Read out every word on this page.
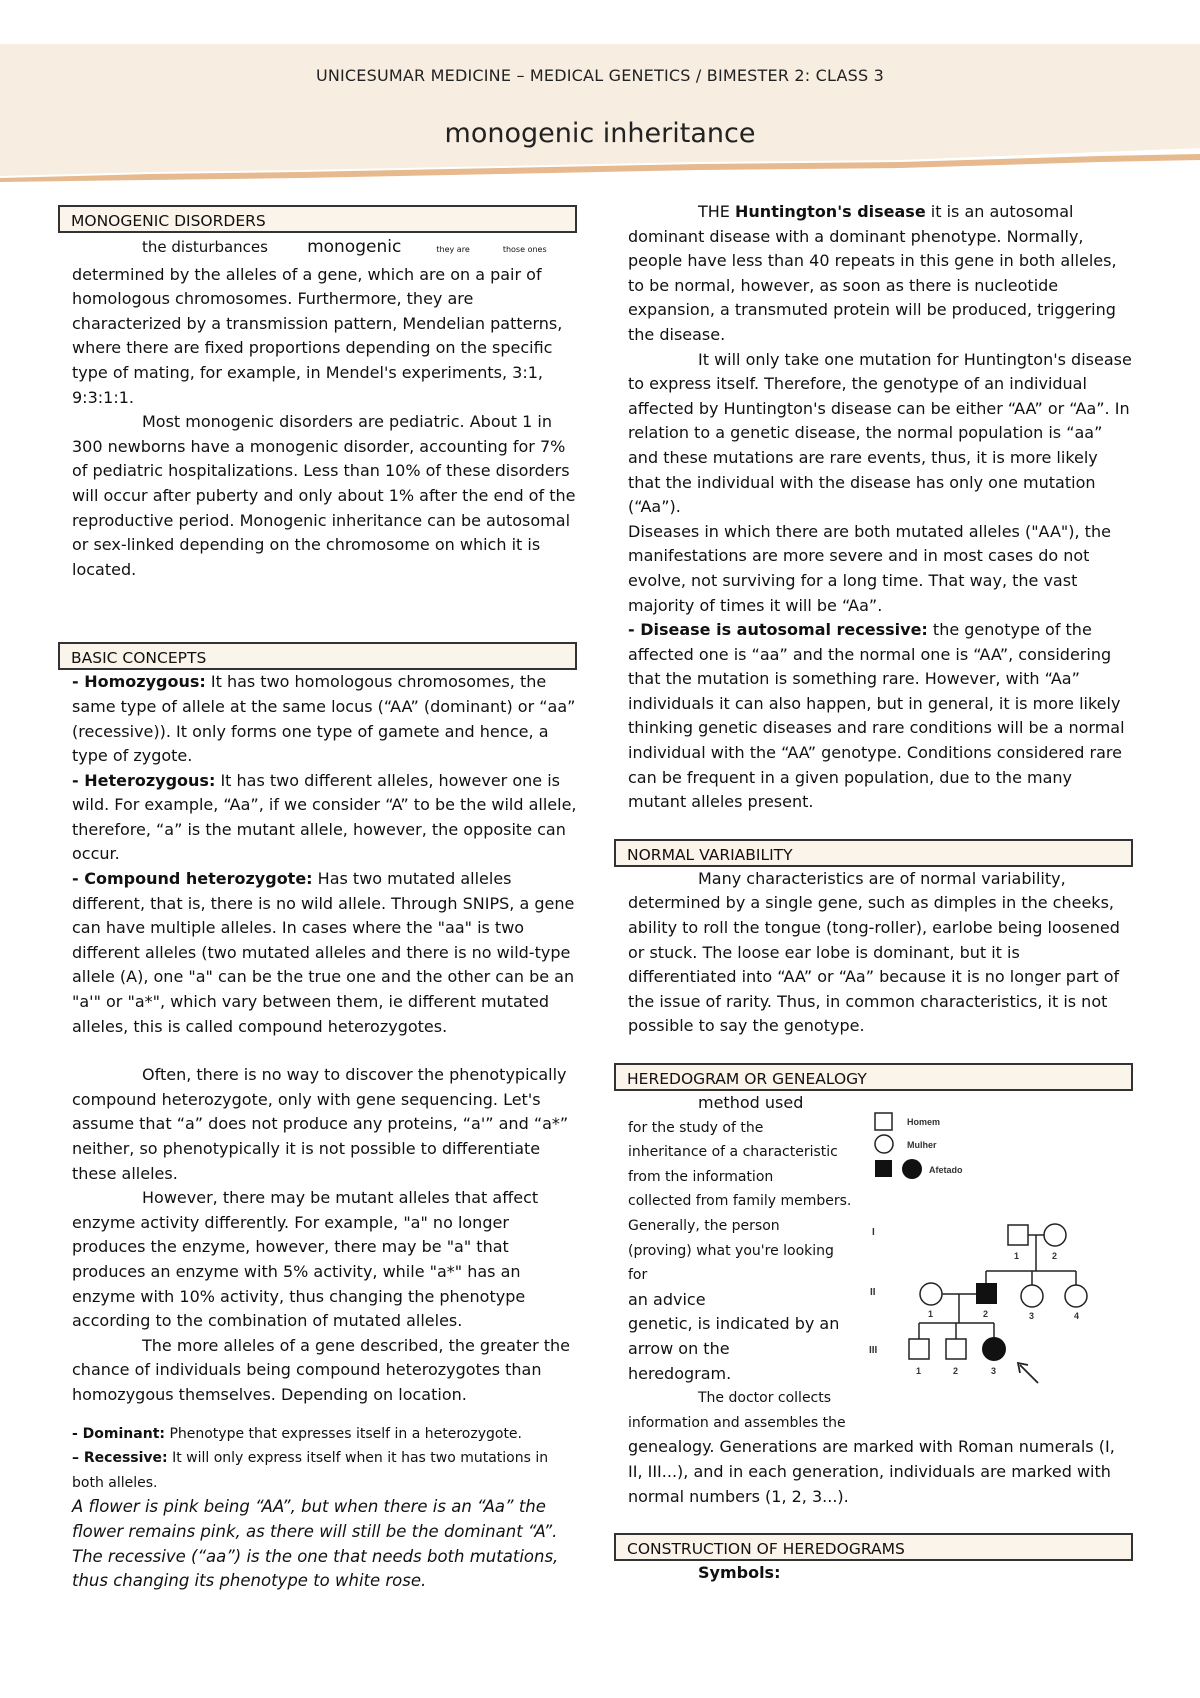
UNICESUMAR MEDICINE – MEDICAL GENETICS / BIMESTER 2: CLASS 3
monogenic inheritance
MONOGENIC DISORDERS

the disturbances monogenic	they are	those ones

determined by the alleles of a gene, which are on a pair of homologous chromosomes. Furthermore, they are characterized by a transmission pattern, Mendelian patterns, where there are fixed proportions depending on the specific type of mating, for example, in Mendel's experiments, 3:1, 9:3:1:1.

Most monogenic disorders are pediatric. About 1 in 300 newborns have a monogenic disorder, accounting for 7% of pediatric hospitalizations. Less than 10% of these disorders will occur after puberty and only about 1% after the end of the reproductive period. Monogenic inheritance can be autosomal or sex-linked depending on the chromosome on which it is located.

BASIC CONCEPTS

- Homozygous: It has two homologous chromosomes, the same type of allele at the same locus (“AA” (dominant) or “aa” (recessive)). It only forms one type of gamete and hence, a type of zygote.

- Heterozygous: It has two different alleles, however one is wild. For example, “Aa”, if we consider “A” to be the wild allele, therefore, “a” is the mutant allele, however, the opposite can occur.

- Compound heterozygote: Has two mutated alleles different, that is, there is no wild allele. Through SNIPS, a gene can have multiple alleles. In cases where the "aa" is two different alleles (two mutated alleles and there is no wild-type allele (A), one "a" can be the true one and the other can be an "a'" or "a*", which vary between them, ie different mutated alleles, this is called compound heterozygotes.

Often, there is no way to discover the phenotypically compound heterozygote, only with gene sequencing. Let's assume that “a” does not produce any proteins, “a'” and “a*” neither, so phenotypically it is not possible to differentiate these alleles.

However, there may be mutant alleles that affect enzyme activity differently. For example, "a" no longer produces the enzyme, however, there may be "a" that produces an enzyme with 5% activity, while "a*" has an enzyme with 10% activity, thus changing the phenotype according to the combination of mutated alleles.

The more alleles of a gene described, the greater the chance of individuals being compound heterozygotes than homozygous themselves. Depending on location.

- Dominant: Phenotype that expresses itself in a heterozygote.

– Recessive: It will only express itself when it has two mutations in both alleles.

A flower is pink being “AA”, but when there is an “Aa” the flower remains pink, as there will still be the dominant “A”. The recessive (“aa”) is the one that needs both mutations, thus changing its phenotype to white rose.

THE Huntington's disease it is an autosomal dominant disease with a dominant phenotype. Normally, people have less than 40 repeats in this gene in both alleles, to be normal, however, as soon as there is nucleotide expansion, a transmuted protein will be produced, triggering the disease.

It will only take one mutation for Huntington's disease to express itself. Therefore, the genotype of an individual affected by Huntington's disease can be either “AA” or “Aa”. In relation to a genetic disease, the normal population is “aa” and these mutations are rare events, thus, it is more likely that the individual with the disease has only one mutation (“Aa”).

Diseases in which there are both mutated alleles ("AA"), the manifestations are more severe and in most cases do not evolve, not surviving for a long time. That way, the vast majority of times it will be “Aa”.

- Disease is autosomal recessive: the genotype of the affected one is “aa” and the normal one is “AA”, considering that the mutation is something rare. However, with “Aa” individuals it can also happen, but in general, it is more likely thinking genetic diseases and rare conditions will be a normal individual with the “AA” genotype. Conditions considered rare can be frequent in a given population, due to the many mutant alleles present.

NORMAL VARIABILITY

Many characteristics are of normal variability, determined by a single gene, such as dimples in the cheeks, ability to roll the tongue (tong-roller), earlobe being loosened or stuck. The loose ear lobe is dominant, but it is differentiated into “AA” or “Aa” because it is no longer part of the issue of rarity. Thus, in common characteristics, it is not possible to say the genotype.

HEREDOGRAM OR GENEALOGY

method used

for the study of the

inheritance of a characteristic

from the information

collected from family members.

Generally, the person

(proving) what you're looking for

an advice

genetic, is indicated by an

arrow on the

heredogram.

The doctor collects

information and assembles the

genealogy. Generations are marked with Roman numerals (I, II, III...), and in each generation, individuals are marked with normal numbers (1, 2, 3...).

CONSTRUCTION OF HEREDOGRAMS

Symbols:

Homem
Mulher
Afetado
I
II
III
1	2
1	2	3	4
1	2	3
